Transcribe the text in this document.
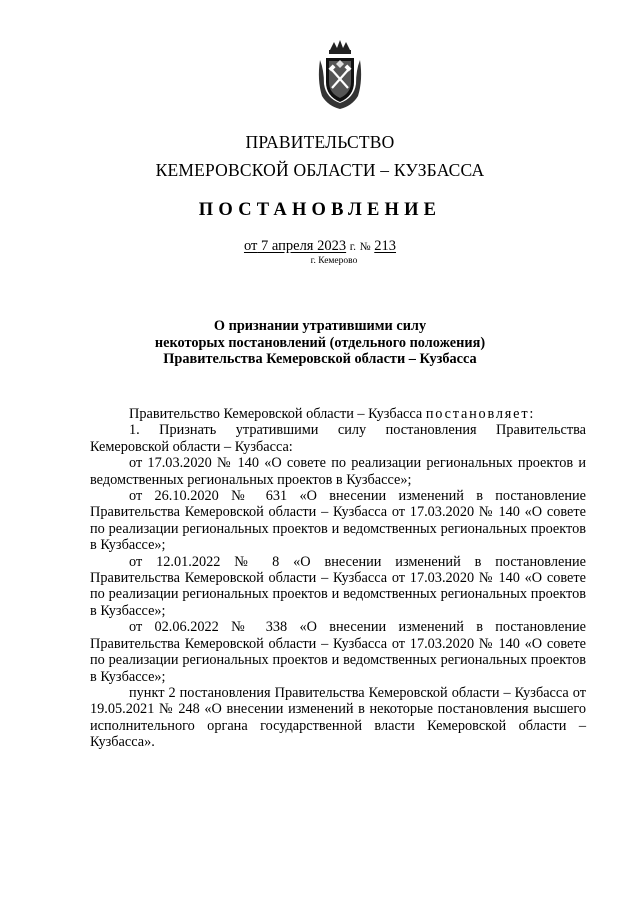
ПРАВИТЕЛЬСТВО
КЕМЕРОВСКОЙ ОБЛАСТИ – КУЗБАССА
ПОСТАНОВЛЕНИЕ
от 7 апреля 2023 г. № 213
г. Кемерово
О признании утратившими силу
некоторых постановлений (отдельного положения)
Правительства Кемеровской области – Кузбасса

Правительство Кемеровской области – Кузбасса постановляет:

1. Признать утратившими силу постановления Правительства Кемеровской области – Кузбасса:

от 17.03.2020 № 140 «О совете по реализации региональных проектов и ведомственных региональных проектов в Кузбассе»;

от 26.10.2020 № 631 «О внесении изменений в постановление Правительства Кемеровской области – Кузбасса от 17.03.2020 № 140 «О совете по реализации региональных проектов и ведомственных региональных проектов в Кузбассе»;

от 12.01.2022 № 8 «О внесении изменений в постановление Правительства Кемеровской области – Кузбасса от 17.03.2020 № 140 «О совете по реализации региональных проектов и ведомственных региональных проектов в Кузбассе»;

от 02.06.2022 № 338 «О внесении изменений в постановление Правительства Кемеровской области – Кузбасса от 17.03.2020 № 140 «О совете по реализации региональных проектов и ведомственных региональных проектов в Кузбассе»;

пункт 2 постановления Правительства Кемеровской области – Кузбасса от 19.05.2021 № 248 «О внесении изменений в некоторые постановления высшего исполнительного органа государственной власти Кемеровской области – Кузбасса».
